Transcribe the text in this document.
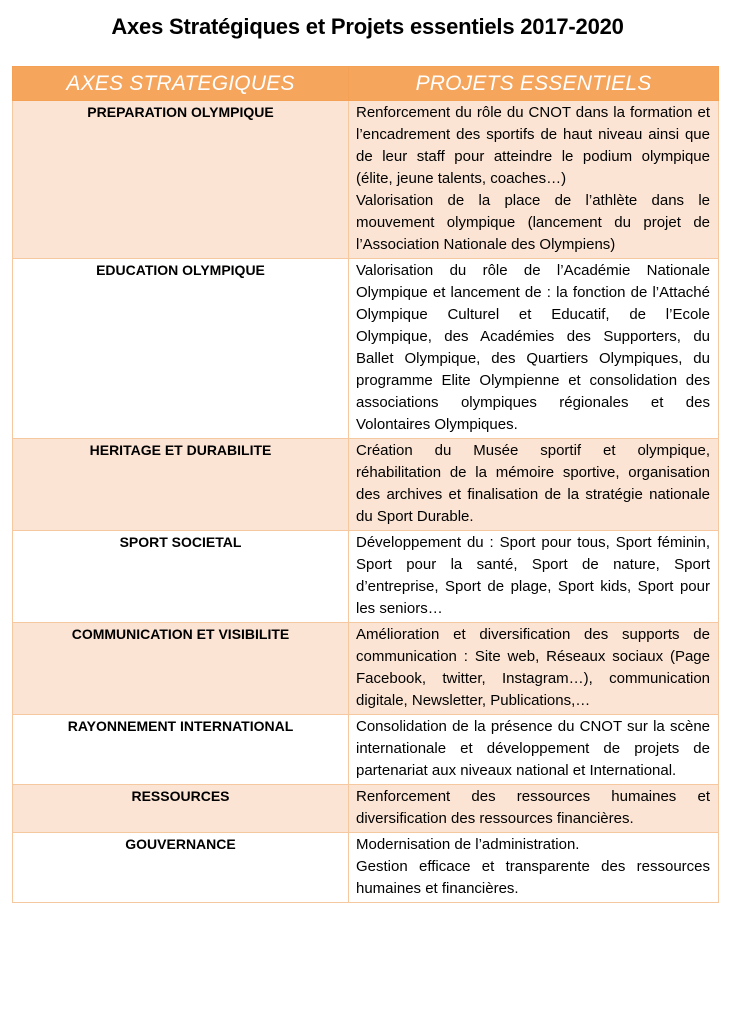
Axes Stratégiques et Projets essentiels 2017-2020
AXES STRATEGIQUES	PROJETS ESSENTIELS

PREPARATION OLYMPIQUE	Renforcement du rôle du CNOT dans la formation et l’encadrement des sportifs de haut niveau ainsi que de leur staff pour atteindre le podium olympique (élite, jeune talents, coaches…)

Valorisation de la place de l’athlète dans le mouvement olympique (lancement du projet de l’Association Nationale des Olympiens)

EDUCATION OLYMPIQUE	Valorisation du rôle de l’Académie Nationale Olympique et lancement de : la fonction de l’Attaché Olympique Culturel et Educatif, de l’Ecole Olympique, des Académies des Supporters, du Ballet Olympique, des Quartiers Olympiques, du programme Elite Olympienne et consolidation des associations olympiques régionales et des Volontaires Olympiques.

HERITAGE ET DURABILITE	Création du Musée sportif et olympique, réhabilitation de la mémoire sportive, organisation des archives et finalisation de la stratégie nationale du Sport Durable.

SPORT SOCIETAL	Développement du : Sport pour tous, Sport féminin, Sport pour la santé, Sport de nature, Sport d’entreprise, Sport de plage, Sport kids, Sport pour les seniors…

COMMUNICATION ET VISIBILITE	Amélioration et diversification des supports de communication : Site web, Réseaux sociaux (Page Facebook, twitter, Instagram…), communication digitale, Newsletter, Publications,…

RAYONNEMENT INTERNATIONAL	Consolidation de la présence du CNOT sur la scène internationale et développement de projets de partenariat aux niveaux national et International.

RESSOURCES	Renforcement des ressources humaines et diversification des ressources financières.

GOUVERNANCE	Modernisation de l’administration.

Gestion efficace et transparente des ressources humaines et financières.
